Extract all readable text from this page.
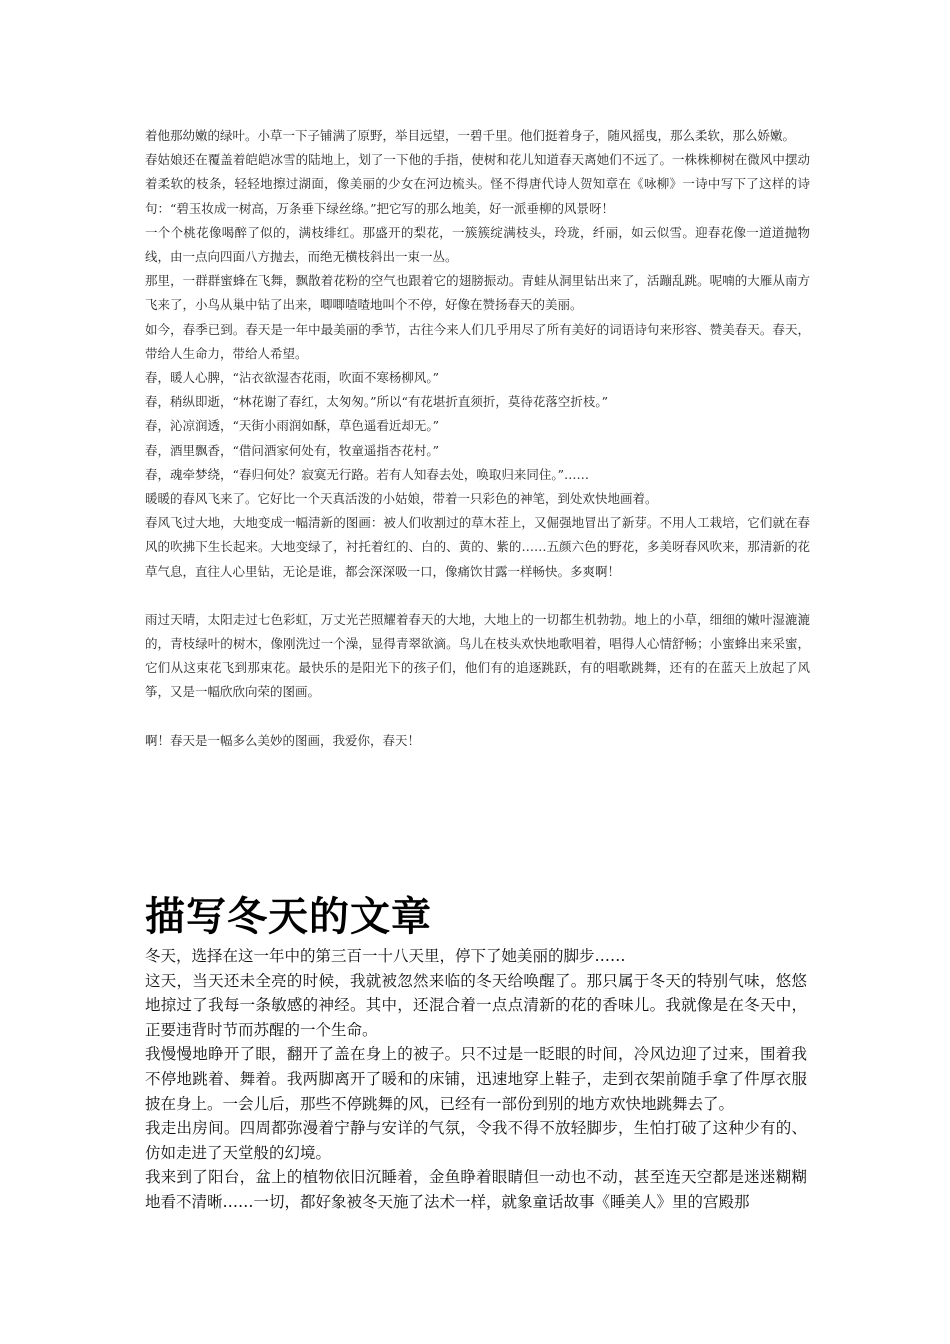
着他那幼嫩的绿叶。小草一下子铺满了原野，举目远望，一碧千里。他们挺着身子，随风摇曳，那么柔软，那么娇嫩。

春姑娘还在覆盖着皑皑冰雪的陆地上，划了一下他的手指，使树和花儿知道春天离她们不远了。一株株柳树在微风中摆动着柔软的枝条，轻轻地擦过湖面，像美丽的少女在河边梳头。怪不得唐代诗人贺知章在《咏柳》一诗中写下了这样的诗句：“碧玉妆成一树高，万条垂下绿丝绦。”把它写的那么地美，好一派垂柳的风景呀！

一个个桃花像喝醉了似的，满枝绯红。那盛开的梨花，一簇簇绽满枝头，玲珑，纤丽，如云似雪。迎春花像一道道抛物线，由一点向四面八方抛去，而绝无横枝斜出一束一丛。

那里，一群群蜜蜂在飞舞，飘散着花粉的空气也跟着它的翅膀振动。青蛙从洞里钻出来了，活蹦乱跳。呢喃的大雁从南方飞来了，小鸟从巢中钻了出来，唧唧喳喳地叫个不停，好像在赞扬春天的美丽。

如今，春季已到。春天是一年中最美丽的季节，古往今来人们几乎用尽了所有美好的词语诗句来形容、赞美春天。春天，带给人生命力，带给人希望。

春，暖人心脾，“沾衣欲湿杏花雨，吹面不寒杨柳风。”

春，稍纵即逝，“林花谢了春红，太匆匆。”所以“有花堪折直须折，莫待花落空折枝。”

春，沁凉润透，“天街小雨润如酥，草色遥看近却无。”

春，酒里飘香，“借问酒家何处有，牧童遥指杏花村。”

春，魂牵梦绕，“春归何处？寂寞无行路。若有人知春去处，唤取归来同住。”……

暖暖的春风飞来了。它好比一个天真活泼的小姑娘，带着一只彩色的神笔，到处欢快地画着。

春风飞过大地，大地变成一幅清新的图画：被人们收割过的草木茬上，又倔强地冒出了新芽。不用人工栽培，它们就在春风的吹拂下生长起来。大地变绿了，衬托着红的、白的、黄的、紫的……五颜六色的野花，多美呀春风吹来，那清新的花草气息，直往人心里钻，无论是谁，都会深深吸一口，像痛饮甘露一样畅快。多爽啊！

雨过天晴，太阳走过七色彩虹，万丈光芒照耀着春天的大地，大地上的一切都生机勃勃。地上的小草，细细的嫩叶湿漉漉的，青枝绿叶的树木，像刚洗过一个澡，显得青翠欲滴。鸟儿在枝头欢快地歌唱着，唱得人心情舒畅；小蜜蜂出来采蜜，它们从这束花飞到那束花。最快乐的是阳光下的孩子们，他们有的追逐跳跃，有的唱歌跳舞，还有的在蓝天上放起了风筝，又是一幅欣欣向荣的图画。

啊！春天是一幅多么美妙的图画，我爱你，春天！

描写冬天的文章

冬天，选择在这一年中的第三百一十八天里，停下了她美丽的脚步……

这天，当天还未全亮的时候，我就被忽然来临的冬天给唤醒了。那只属于冬天的特别气味，悠悠地掠过了我每一条敏感的神经。其中，还混合着一点点清新的花的香味儿。我就像是在冬天中，正要违背时节而苏醒的一个生命。

我慢慢地睁开了眼，翻开了盖在身上的被子。只不过是一眨眼的时间，冷风边迎了过来，围着我不停地跳着、舞着。我两脚离开了暖和的床铺，迅速地穿上鞋子，走到衣架前随手拿了件厚衣服披在身上。一会儿后，那些不停跳舞的风，已经有一部份到别的地方欢快地跳舞去了。

我走出房间。四周都弥漫着宁静与安详的气氛，令我不得不放轻脚步，生怕打破了这种少有的、仿如走进了天堂般的幻境。

我来到了阳台，盆上的植物依旧沉睡着，金鱼睁着眼睛但一动也不动，甚至连天空都是迷迷糊糊地看不清晰……一切，都好象被冬天施了法术一样，就象童话故事《睡美人》里的宫殿那
